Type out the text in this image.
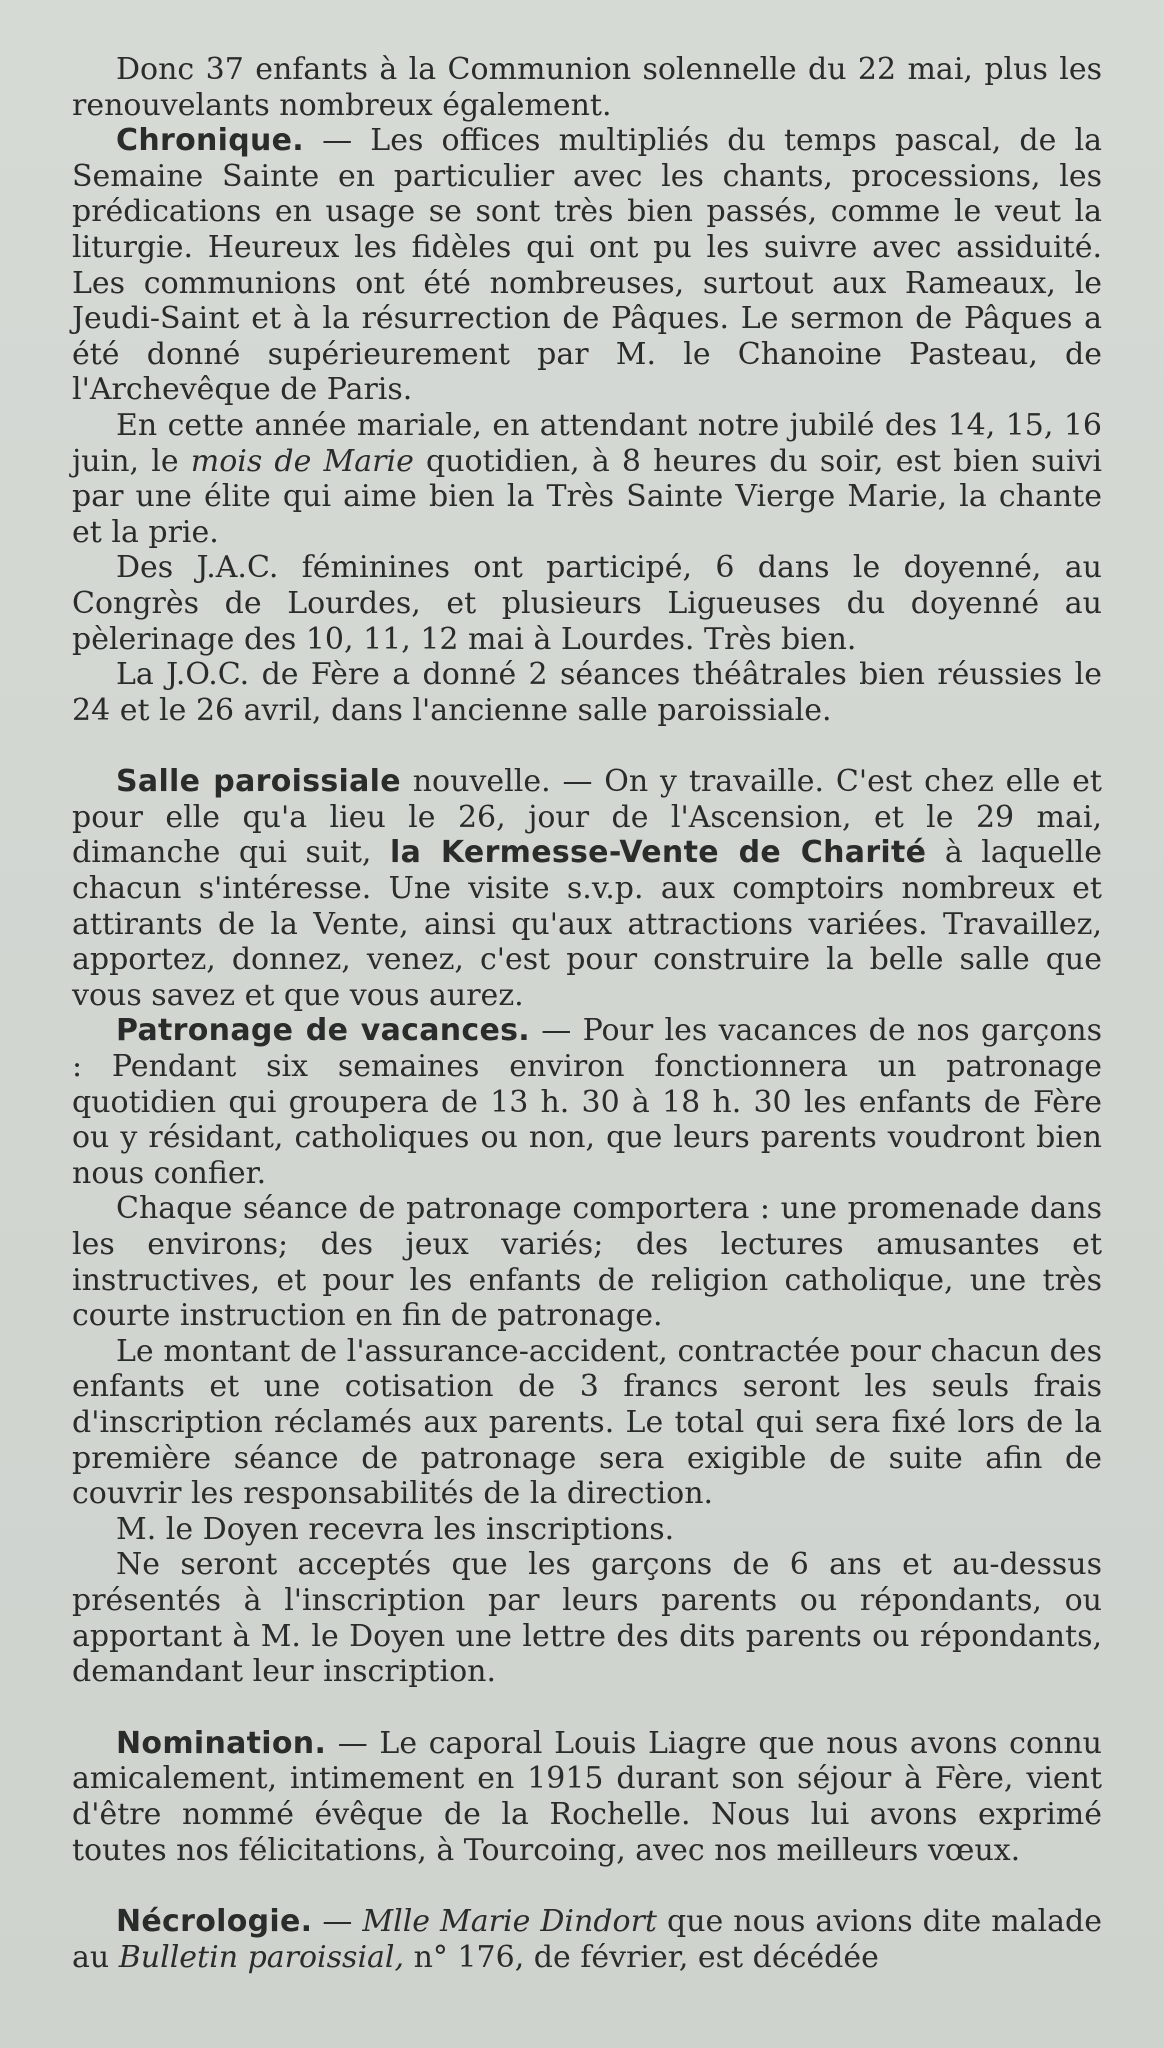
Donc 37 enfants à la Communion solennelle du 22 mai, plus les renouvelants nombreux également.

Chronique. — Les offices multipliés du temps pascal, de la Semaine Sainte en particulier avec les chants, processions, les prédications en usage se sont très bien passés, comme le veut la liturgie. Heureux les fidèles qui ont pu les suivre avec assiduité. Les communions ont été nombreuses, surtout aux Rameaux, le Jeudi-Saint et à la résurrection de Pâques. Le sermon de Pâques a été donné supérieurement par M. le Chanoine Pasteau, de l'Archevêque de Paris.

En cette année mariale, en attendant notre jubilé des 14, 15, 16 juin, le mois de Marie quotidien, à 8 heures du soir, est bien suivi par une élite qui aime bien la Très Sainte Vierge Marie, la chante et la prie.

Des J.A.C. féminines ont participé, 6 dans le doyenné, au Congrès de Lourdes, et plusieurs Ligueuses du doyenné au pèlerinage des 10, 11, 12 mai à Lourdes. Très bien.

La J.O.C. de Fère a donné 2 séances théâtrales bien réussies le 24 et le 26 avril, dans l'ancienne salle paroissiale.

Salle paroissiale nouvelle. — On y travaille. C'est chez elle et pour elle qu'a lieu le 26, jour de l'Ascension, et le 29 mai, dimanche qui suit, la Kermesse-Vente de Charité à laquelle chacun s'intéresse. Une visite s.v.p. aux comptoirs nombreux et attirants de la Vente, ainsi qu'aux attractions variées. Travaillez, apportez, donnez, venez, c'est pour construire la belle salle que vous savez et que vous aurez.

Patronage de vacances. — Pour les vacances de nos garçons : Pendant six semaines environ fonctionnera un patronage quotidien qui groupera de 13 h. 30 à 18 h. 30 les enfants de Fère ou y résidant, catholiques ou non, que leurs parents voudront bien nous confier.

Chaque séance de patronage comportera : une promenade dans les environs; des jeux variés; des lectures amusantes et instructives, et pour les enfants de religion catholique, une très courte instruction en fin de patronage.

Le montant de l'assurance-accident, contractée pour chacun des enfants et une cotisation de 3 francs seront les seuls frais d'inscription réclamés aux parents. Le total qui sera fixé lors de la première séance de patronage sera exigible de suite afin de couvrir les responsabilités de la direction.

M. le Doyen recevra les inscriptions.

Ne seront acceptés que les garçons de 6 ans et au-dessus présentés à l'inscription par leurs parents ou répondants, ou apportant à M. le Doyen une lettre des dits parents ou répondants, demandant leur inscription.

Nomination. — Le caporal Louis Liagre que nous avons connu amicalement, intimement en 1915 durant son séjour à Fère, vient d'être nommé évêque de la Rochelle. Nous lui avons exprimé toutes nos félicitations, à Tourcoing, avec nos meilleurs vœux.

Nécrologie. — Mlle Marie Dindort que nous avions dite malade au Bulletin paroissial, n° 176, de février, est décédée
